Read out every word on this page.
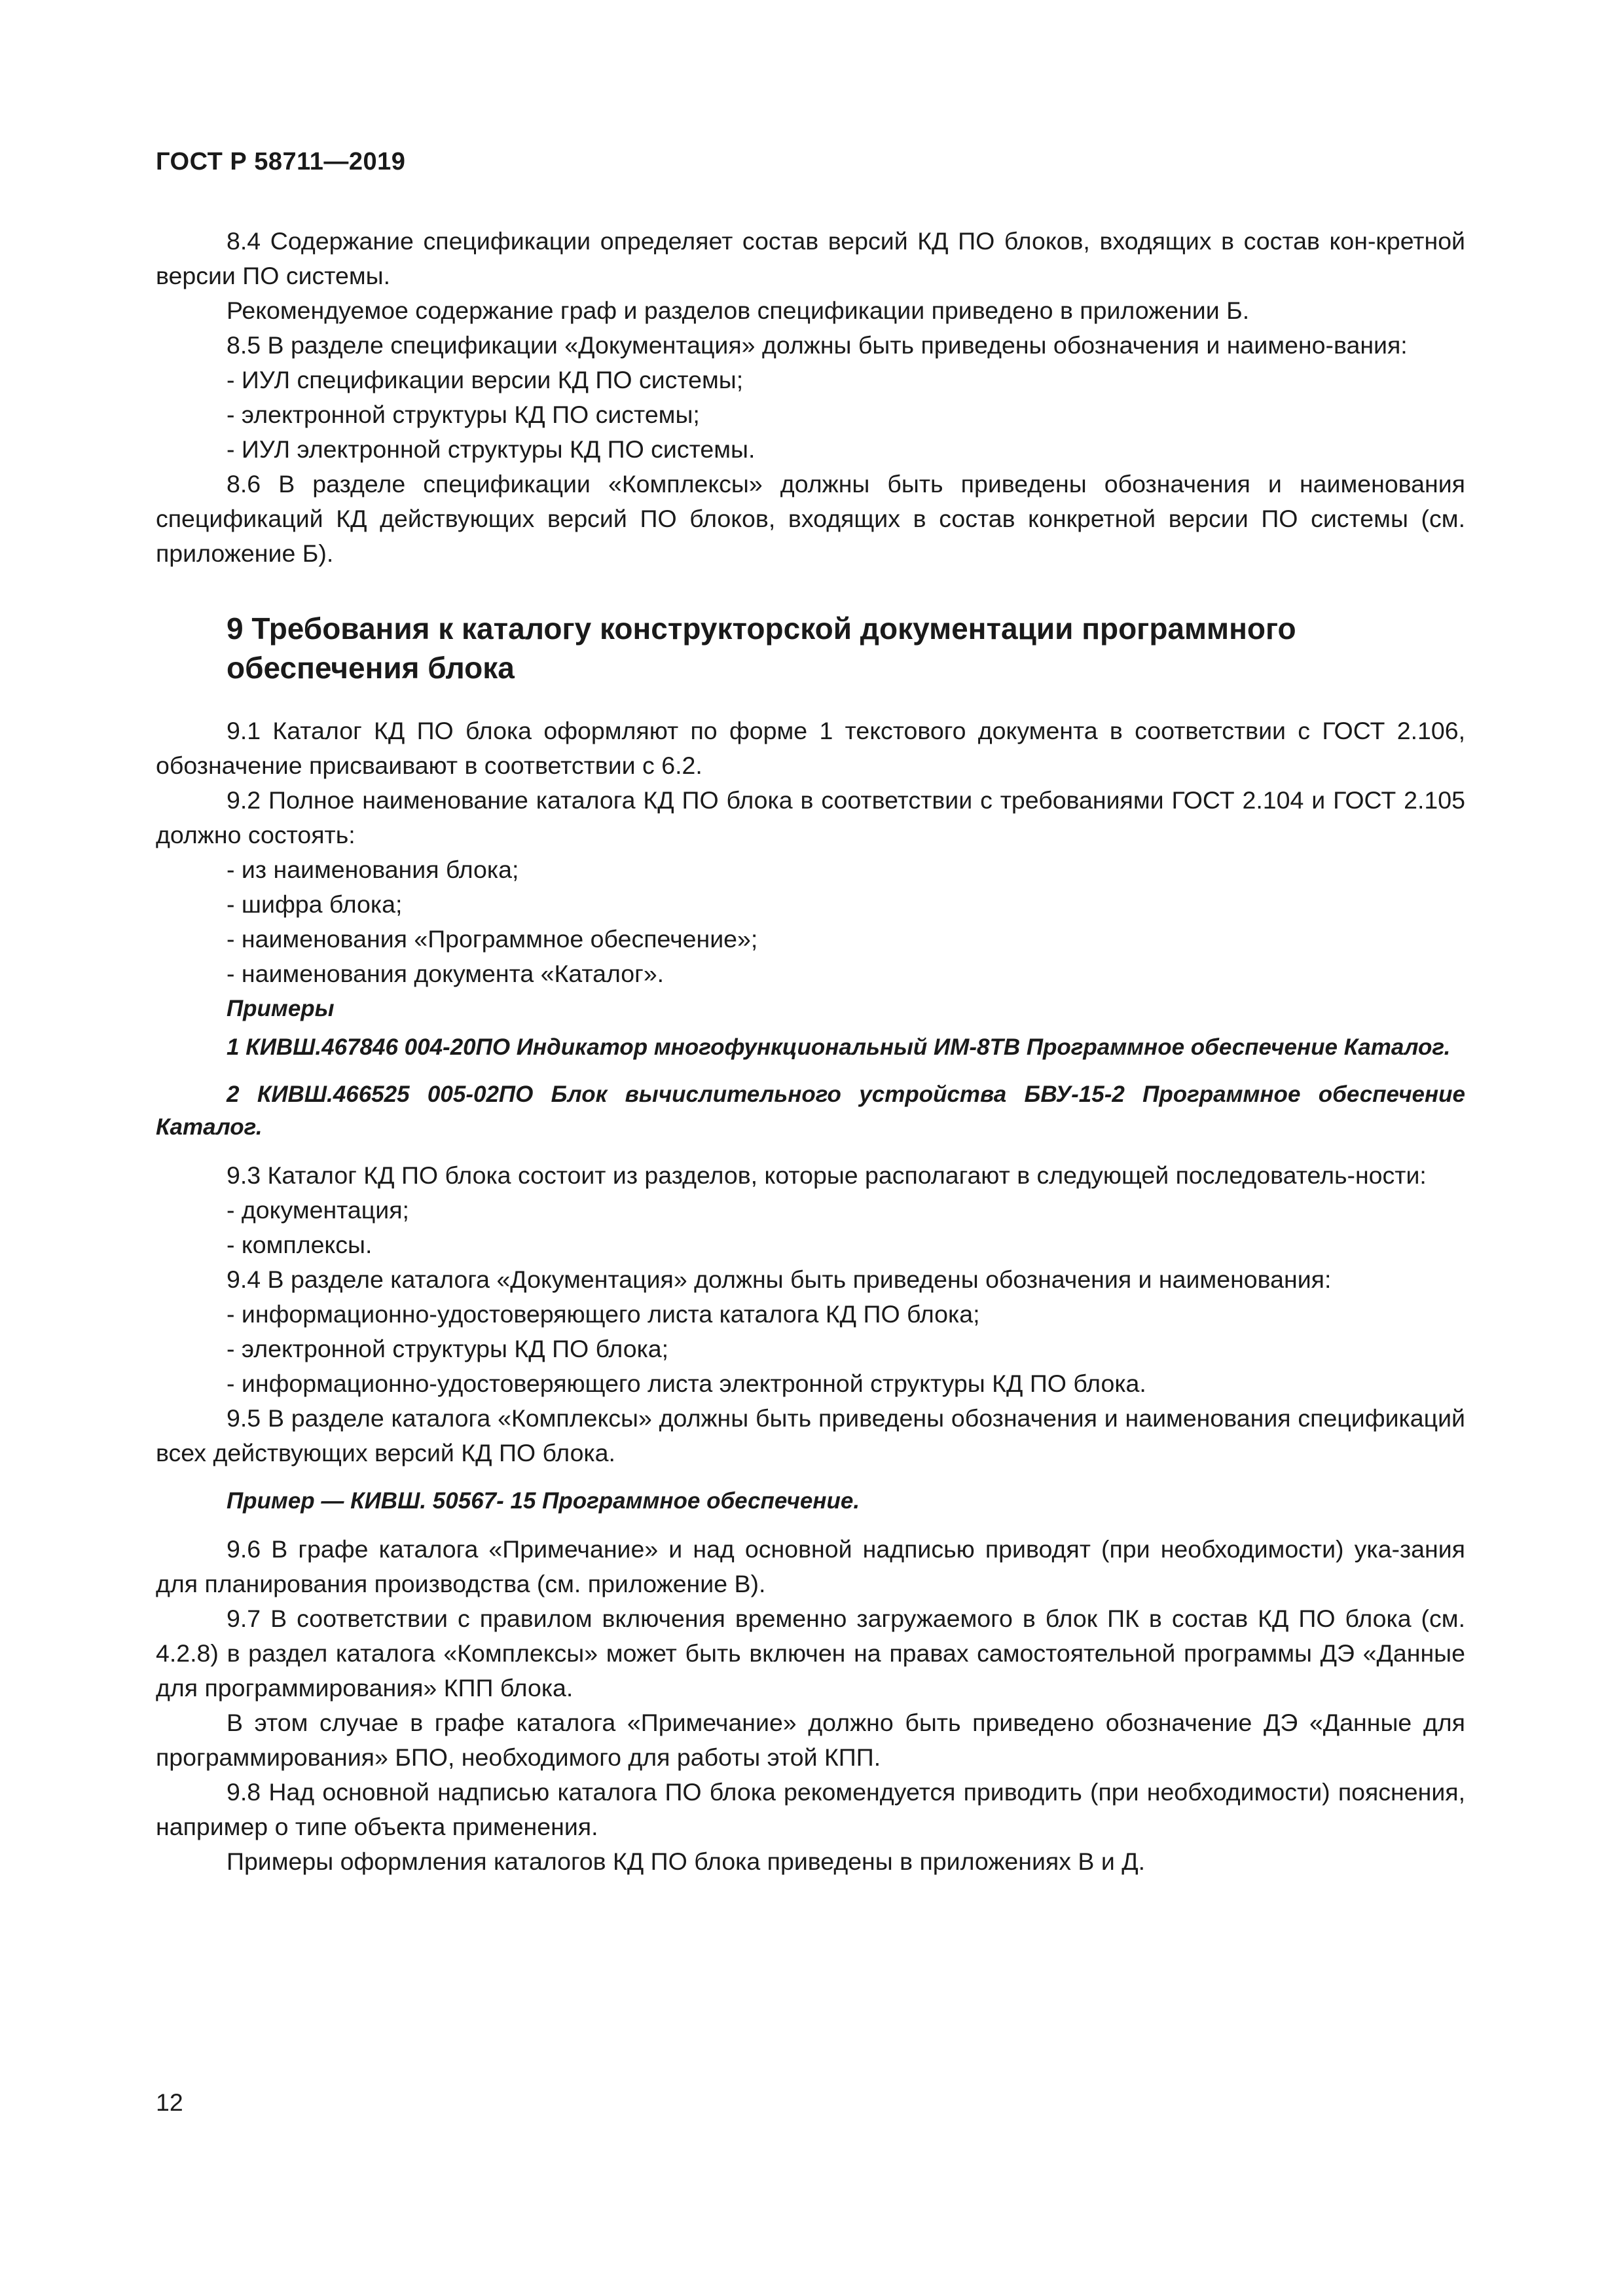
ГОСТ Р 58711—2019

8.4 Содержание спецификации определяет состав версий КД ПО блоков, входящих в состав кон-кретной версии ПО системы.

Рекомендуемое содержание граф и разделов спецификации приведено в приложении Б.

8.5 В разделе спецификации «Документация» должны быть приведены обозначения и наимено-вания:

- ИУЛ спецификации версии КД ПО системы;

- электронной структуры КД ПО системы;

- ИУЛ электронной структуры КД ПО системы.

8.6 В разделе спецификации «Комплексы» должны быть приведены обозначения и наименования спецификаций КД действующих версий ПО блоков, входящих в состав конкретной версии ПО системы (см. приложение Б).

9 Требования к каталогу конструкторской документации программного обеспечения блока

9.1 Каталог КД ПО блока оформляют по форме 1 текстового документа в соответствии с ГОСТ 2.106, обозначение присваивают в соответствии с 6.2.

9.2 Полное наименование каталога КД ПО блока в соответствии с требованиями ГОСТ 2.104 и ГОСТ 2.105 должно состоять:

- из наименования блока;

- шифра блока;

- наименования «Программное обеспечение»;

- наименования документа «Каталог».

Примеры

1 КИВШ.467846 004-20ПО Индикатор многофункциональный ИМ-8ТВ Программное обеспечение Каталог.

2 КИВШ.466525 005-02ПО Блок вычислительного устройства БВУ-15-2 Программное обеспечение Каталог.

9.3 Каталог КД ПО блока состоит из разделов, которые располагают в следующей последователь-ности:

- документация;

- комплексы.

9.4 В разделе каталога «Документация» должны быть приведены обозначения и наименования:

- информационно-удостоверяющего листа каталога КД ПО блока;

- электронной структуры КД ПО блока;

- информационно-удостоверяющего листа электронной структуры КД ПО блока.

9.5 В разделе каталога «Комплексы» должны быть приведены обозначения и наименования спецификаций всех действующих версий КД ПО блока.

Пример — КИВШ. 50567- 15 Программное обеспечение.

9.6 В графе каталога «Примечание» и над основной надписью приводят (при необходимости) ука-зания для планирования производства (см. приложение В).

9.7 В соответствии с правилом включения временно загружаемого в блок ПК в состав КД ПО блока (см. 4.2.8) в раздел каталога «Комплексы» может быть включен на правах самостоятельной программы ДЭ «Данные для программирования» КПП блока.

В этом случае в графе каталога «Примечание» должно быть приведено обозначение ДЭ «Данные для программирования» БПО, необходимого для работы этой КПП.

9.8 Над основной надписью каталога ПО блока рекомендуется приводить (при необходимости) пояснения, например о типе объекта применения.

Примеры оформления каталогов КД ПО блока приведены в приложениях В и Д.

12
